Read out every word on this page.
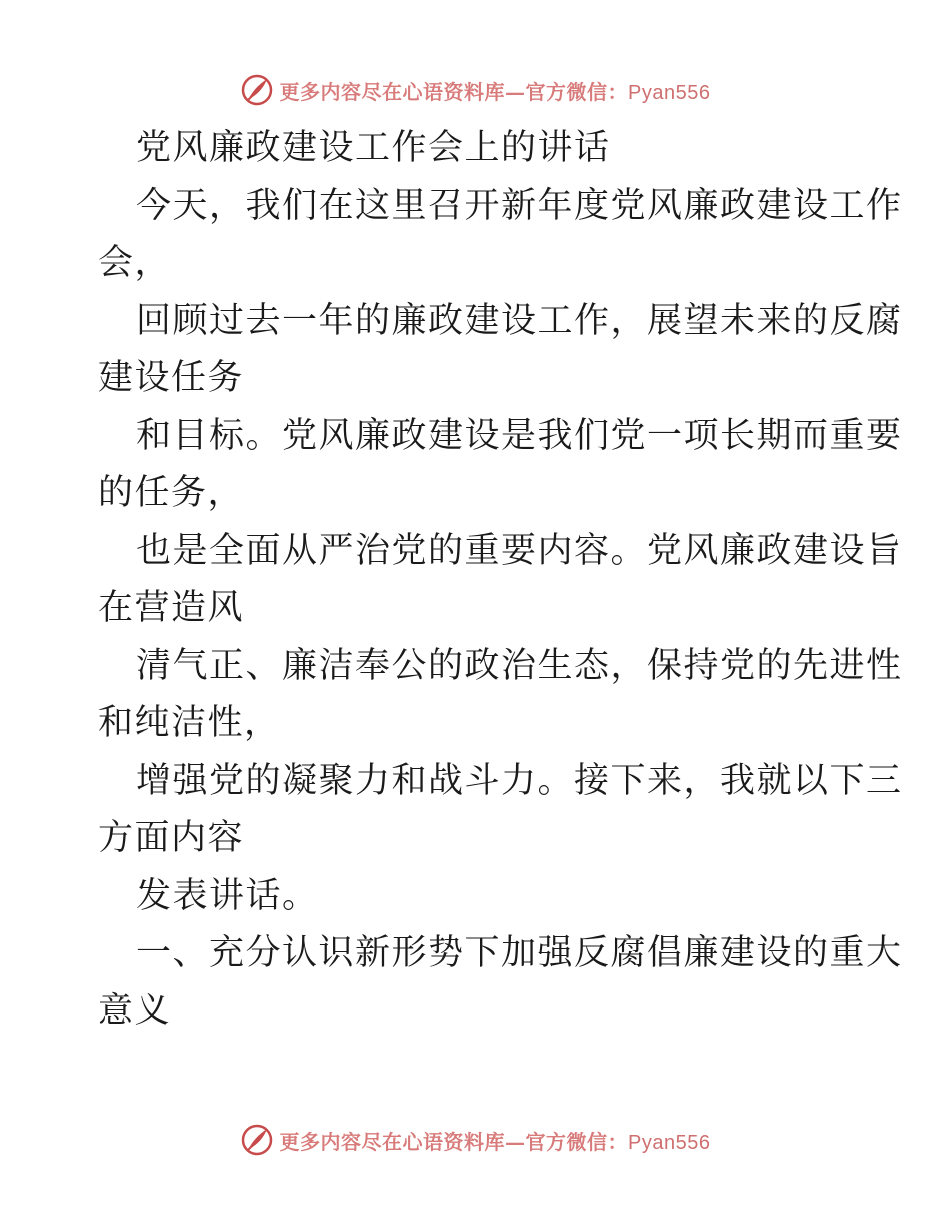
更多内容尽在心语资料库—官方微信：Pyan556
党风廉政建设工作会上的讲话
今天，我们在这里召开新年度党风廉政建设工作
会，
回顾过去一年的廉政建设工作，展望未来的反腐
建设任务
和目标。党风廉政建设是我们党一项长期而重要
的任务，
也是全面从严治党的重要内容。党风廉政建设旨
在营造风
清气正、廉洁奉公的政治生态，保持党的先进性
和纯洁性，
增强党的凝聚力和战斗力。接下来，我就以下三
方面内容
发表讲话。
一、充分认识新形势下加强反腐倡廉建设的重大
意义
更多内容尽在心语资料库—官方微信：Pyan556
